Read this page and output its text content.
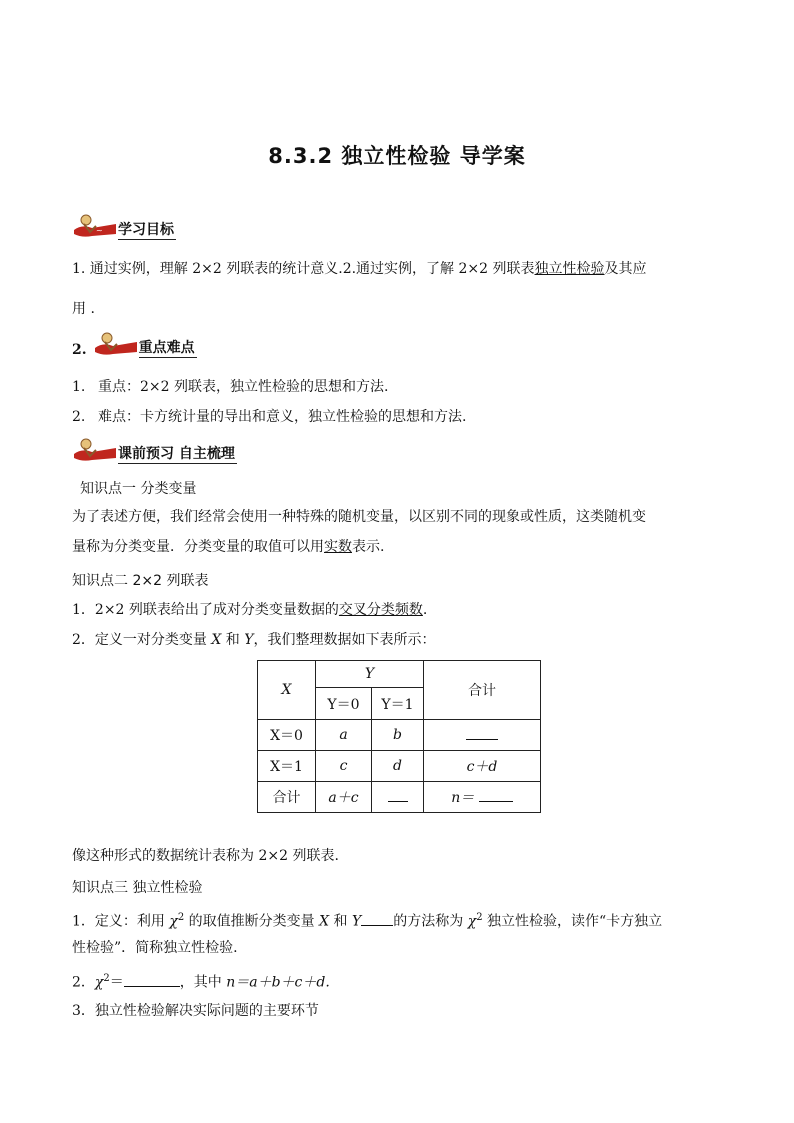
8.3.2 独立性检验 导学案
~ 学习目标
1. 通过实例，理解 2×2 列联表的统计意义.2.通过实例，了解 2×2 列联表独立性检验及其应
用 .
2.	重点难点
1. 重点：2×2 列联表，独立性检验的思想和方法.
2. 难点：卡方统计量的导出和意义，独立性检验的思想和方法.
课前预习 自主梳理
知识点一 分类变量
为了表述方便，我们经常会使用一种特殊的随机变量，以区别不同的现象或性质，这类随机变
量称为分类变量．分类变量的取值可以用实数表示.
知识点二 2×2 列联表
1．2×2 列联表给出了成对分类变量数据的交叉分类频数.
2．定义一对分类变量 X 和 Y，我们整理数据如下表所示：
X	Y		合计
	Y＝0	Y＝1	
X＝0	a	b	
X＝1	c	d	c＋d
合计	a＋c		n＝
像这种形式的数据统计表称为 2×2 列联表.
知识点三 独立性检验
1．定义：利用 $\chi^2$ 的取值推断分类变量 X 和 Y 的方法称为 $\chi^2$ 独立性检验，读作“卡方独立
性检验”．简称独立性检验.
2．$\chi^2=$	，其中 n＝a＋b＋c＋d.
3．独立性检验解决实际问题的主要环节
